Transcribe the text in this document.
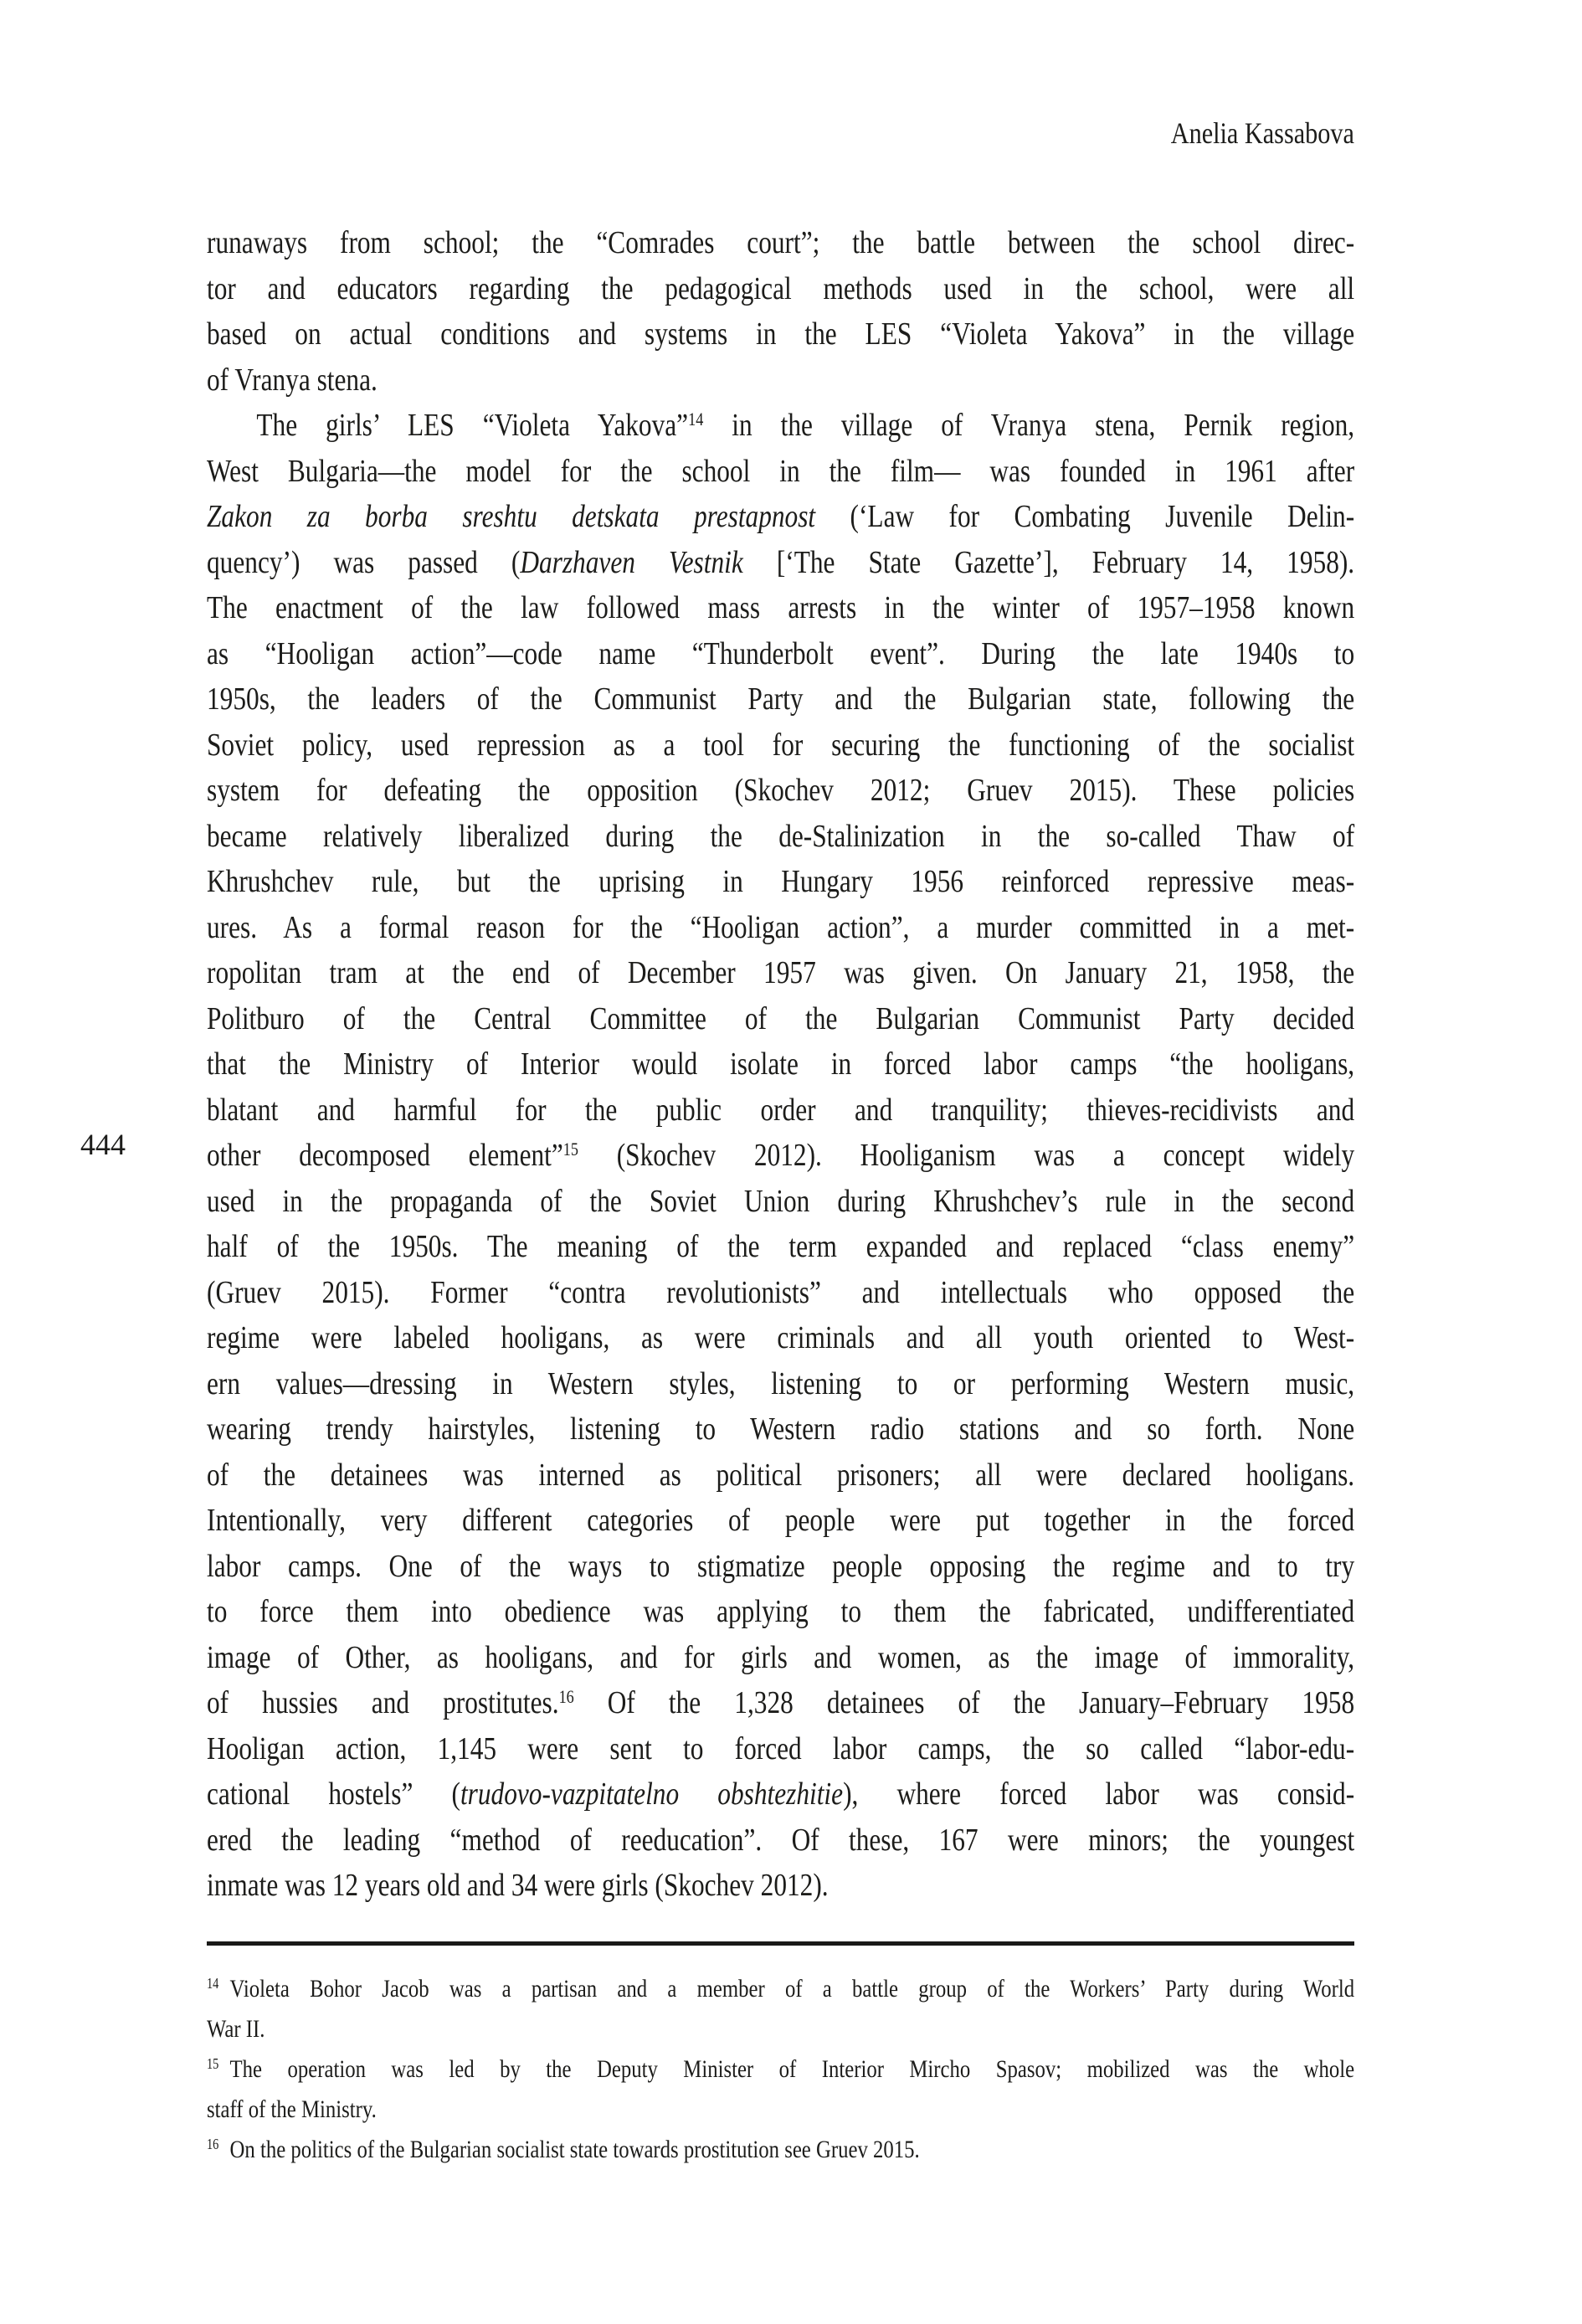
Anelia Kassabova
444
runaways from school; the “Comrades court”; the battle between the school direc-
tor and educators regarding the pedagogical methods used in the school, were all
based on actual conditions and systems in the LES “Violeta Yakova” in the village
of Vranya stena.
The girls’ LES “Violeta Yakova”$^{14}$ in the village of Vranya stena, Pernik region,
West Bulgaria—the model for the school in the film— was founded in 1961 after
Zakon za borba sreshtu detskata prestapnost (‘Law for Combating Juvenile Delin-
quency’) was passed (Darzhaven Vestnik [‘The State Gazette’], February 14, 1958).
The enactment of the law followed mass arrests in the winter of 1957–1958 known
as “Hooligan action”—code name “Thunderbolt event”. During the late 1940s to
1950s, the leaders of the Communist Party and the Bulgarian state, following the
Soviet policy, used repression as a tool for securing the functioning of the socialist
system for defeating the opposition (Skochev 2012; Gruev 2015). These policies
became relatively liberalized during the de-Stalinization in the so-called Thaw of
Khrushchev rule, but the uprising in Hungary 1956 reinforced repressive meas-
ures. As a formal reason for the “Hooligan action”, a murder committed in a met-
ropolitan tram at the end of December 1957 was given. On January 21, 1958, the
Politburo of the Central Committee of the Bulgarian Communist Party decided
that the Ministry of Interior would isolate in forced labor camps “the hooligans,
blatant and harmful for the public order and tranquility; thieves-recidivists and
other decomposed element”$^{15}$ (Skochev 2012). Hooliganism was a concept widely
used in the propaganda of the Soviet Union during Khrushchev’s rule in the second
half of the 1950s. The meaning of the term expanded and replaced “class enemy”
(Gruev 2015). Former “contra revolutionists” and intellectuals who opposed the
regime were labeled hooligans, as were criminals and all youth oriented to West-
ern values—dressing in Western styles, listening to or performing Western music,
wearing trendy hairstyles, listening to Western radio stations and so forth. None
of the detainees was interned as political prisoners; all were declared hooligans.
Intentionally, very different categories of people were put together in the forced
labor camps. One of the ways to stigmatize people opposing the regime and to try
to force them into obedience was applying to them the fabricated, undifferentiated
image of Other, as hooligans, and for girls and women, as the image of immorality,
of hussies and prostitutes.$^{16}$ Of the 1,328 detainees of the January–February 1958
Hooligan action, 1,145 were sent to forced labor camps, the so called “labor-edu-
cational hostels” (trudovo-vazpitatelno obshtezhitie), where forced labor was consid-
ered the leading “method of reeducation”. Of these, 167 were minors; the youngest
inmate was 12 years old and 34 were girls (Skochev 2012).
$^{14}$ Violeta Bohor Jacob was a partisan and a member of a battle group of the Workers’ Party during World
War II.
$^{15}$ The operation was led by the Deputy Minister of Interior Mircho Spasov; mobilized was the whole
staff of the Ministry.
$^{16}$ On the politics of the Bulgarian socialist state towards prostitution see Gruev 2015.
